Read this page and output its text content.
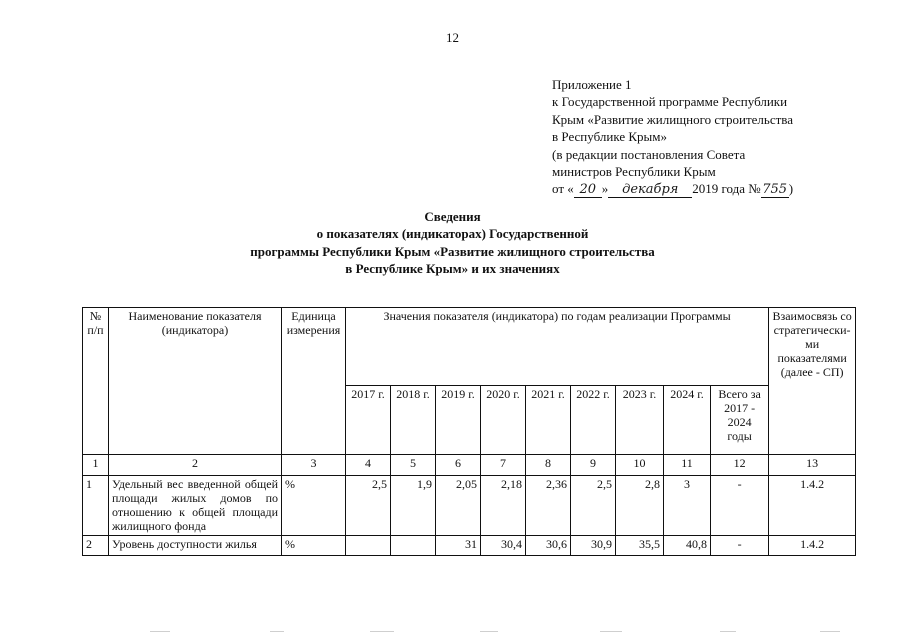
12
Приложение 1
к Государственной программе Республики
Крым «Развитие жилищного строительства
в Республике Крым»
(в редакции постановления Совета
министров Республики Крым
от « 20 » декабря 2019 года № 755 )
Сведения
о показателях (индикаторах) Государственной
программы Республики Крым «Развитие жилищного строительства
в Республике Крым» и их значениях
№ п/п	Наименование показателя (индикатора)	Единица измерения	Значения показателя (индикатора) по годам реализации Программы									Взаимосвязь со стратегически-ми показателями (далее - СП)
			2017 г.	2018 г.	2019 г.	2020 г.	2021 г.	2022 г.	2023 г.	2024 г.	Всего за 2017 - 2024 годы	
1	2	3	4	5	6	7	8	9	10	11	12	13
1	Удельный вес введенной общей площади жилых домов по отношению к общей площади жилищного фонда	%	2,5	1,9	2,05	2,18	2,36	2,5	2,8	3	-	1.4.2
2	Уровень доступности жилья	%			31	30,4	30,6	30,9	35,5	40,8	-	1.4.2
